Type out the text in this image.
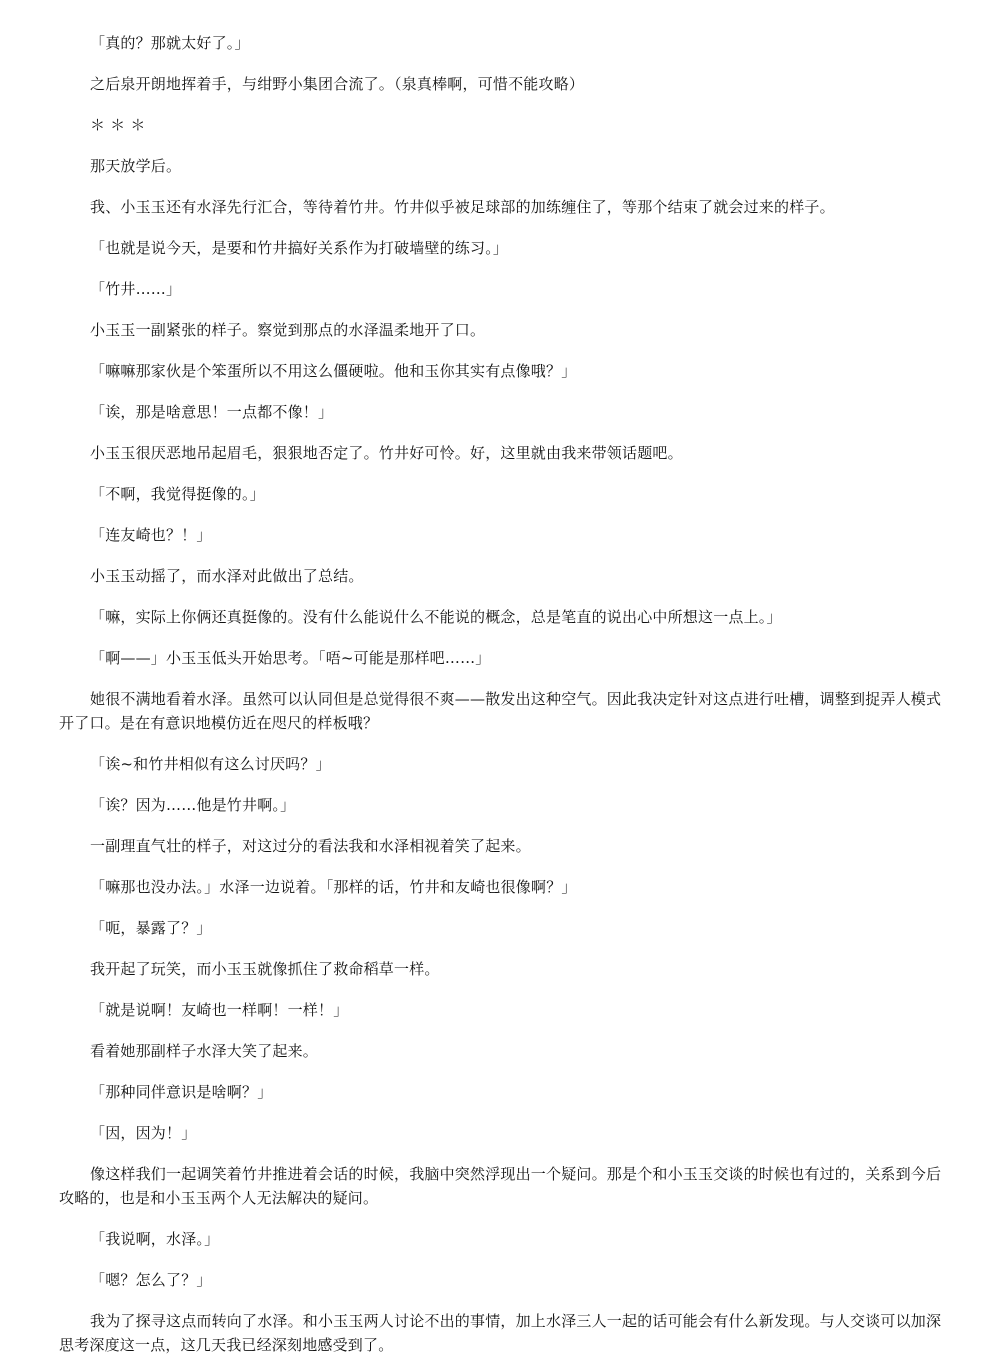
「真的？那就太好了。」

之后泉开朗地挥着手，与绀野小集团合流了。（泉真棒啊，可惜不能攻略）

＊ ＊ ＊

那天放学后。

我、小玉玉还有水泽先行汇合，等待着竹井。竹井似乎被足球部的加练缠住了，等那个结束了就会过来的样子。

「也就是说今天，是要和竹井搞好关系作为打破墙壁的练习。」

「竹井……」

小玉玉一副紧张的样子。察觉到那点的水泽温柔地开了口。

「嘛嘛那家伙是个笨蛋所以不用这么僵硬啦。他和玉你其实有点像哦？」

「诶，那是啥意思！一点都不像！」

小玉玉很厌恶地吊起眉毛，狠狠地否定了。竹井好可怜。好，这里就由我来带领话题吧。

「不啊，我觉得挺像的。」

「连友崎也？！」

小玉玉动摇了，而水泽对此做出了总结。

「嘛，实际上你俩还真挺像的。没有什么能说什么不能说的概念，总是笔直的说出心中所想这一点上。」

「啊——」小玉玉低头开始思考。「唔~可能是那样吧……」

她很不满地看着水泽。虽然可以认同但是总觉得很不爽——散发出这种空气。因此我决定针对这点进行吐槽，调整到捉弄人模式开了口。是在有意识地模仿近在咫尺的样板哦？

「诶~和竹井相似有这么讨厌吗？」

「诶？因为……他是竹井啊。」

一副理直气壮的样子，对这过分的看法我和水泽相视着笑了起来。

「嘛那也没办法。」水泽一边说着。「那样的话，竹井和友崎也很像啊？」

「呃，暴露了？」

我开起了玩笑，而小玉玉就像抓住了救命稻草一样。

「就是说啊！友崎也一样啊！一样！」

看着她那副样子水泽大笑了起来。

「那种同伴意识是啥啊？」

「因，因为！」

像这样我们一起调笑着竹井推进着会话的时候，我脑中突然浮现出一个疑问。那是个和小玉玉交谈的时候也有过的，关系到今后攻略的，也是和小玉玉两个人无法解决的疑问。

「我说啊，水泽。」

「嗯？怎么了？」

我为了探寻这点而转向了水泽。和小玉玉两人讨论不出的事情，加上水泽三人一起的话可能会有什么新发现。与人交谈可以加深思考深度这一点，这几天我已经深刻地感受到了。
